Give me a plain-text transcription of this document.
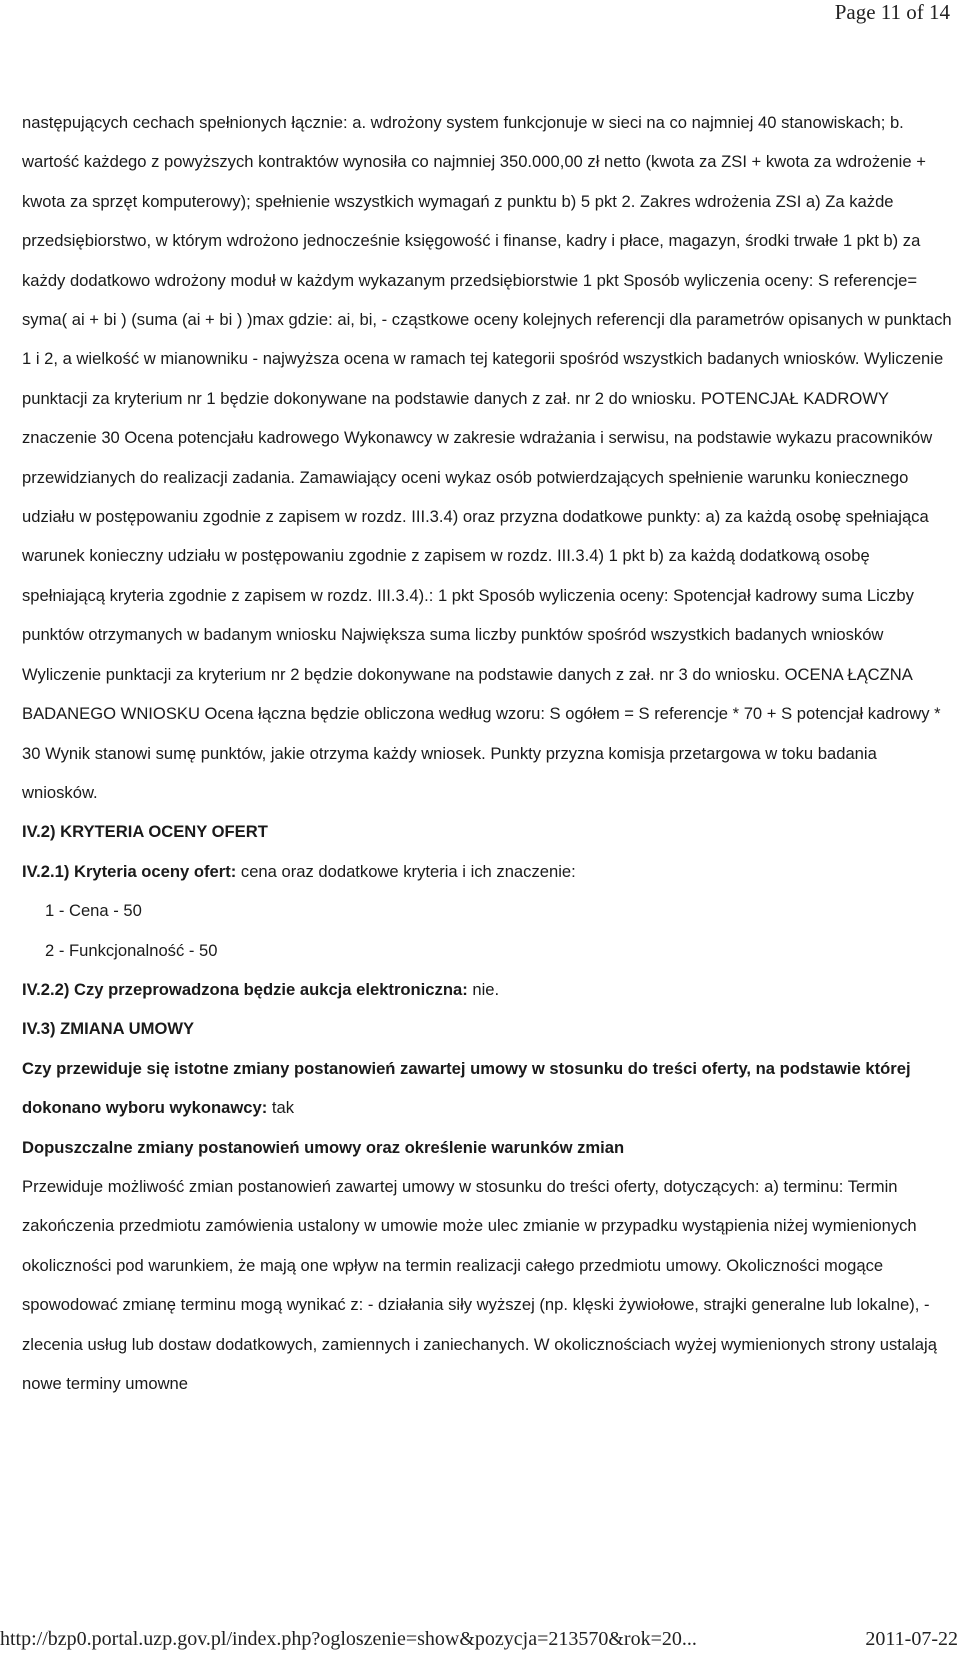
Page 11 of 14

następujących cechach spełnionych łącznie: a. wdrożony system funkcjonuje w sieci na co najmniej 40 stanowiskach; b. wartość każdego z powyższych kontraktów wynosiła co najmniej 350.000,00 zł netto (kwota za ZSI + kwota za wdrożenie + kwota za sprzęt komputerowy); spełnienie wszystkich wymagań z punktu b) 5 pkt 2. Zakres wdrożenia ZSI a) Za każde przedsiębiorstwo, w którym wdrożono jednocześnie księgowość i finanse, kadry i płace, magazyn, środki trwałe 1 pkt b) za każdy dodatkowo wdrożony moduł w każdym wykazanym przedsiębiorstwie 1 pkt Sposób wyliczenia oceny: S referencje= syma( ai + bi ) (suma (ai + bi ) )max gdzie: ai, bi, - cząstkowe oceny kolejnych referencji dla parametrów opisanych w punktach 1 i 2, a wielkość w mianowniku - najwyższa ocena w ramach tej kategorii spośród wszystkich badanych wniosków. Wyliczenie punktacji za kryterium nr 1 będzie dokonywane na podstawie danych z zał. nr 2 do wniosku. POTENCJAŁ KADROWY znaczenie 30 Ocena potencjału kadrowego Wykonawcy w zakresie wdrażania i serwisu, na podstawie wykazu pracowników przewidzianych do realizacji zadania. Zamawiający oceni wykaz osób potwierdzających spełnienie warunku koniecznego udziału w postępowaniu zgodnie z zapisem w rozdz. III.3.4) oraz przyzna dodatkowe punkty: a) za każdą osobę spełniająca warunek konieczny udziału w postępowaniu zgodnie z zapisem w rozdz. III.3.4) 1 pkt b) za każdą dodatkową osobę spełniającą kryteria zgodnie z zapisem w rozdz. III.3.4).: 1 pkt Sposób wyliczenia oceny: Spotencjał kadrowy suma Liczby punktów otrzymanych w badanym wniosku Największa suma liczby punktów spośród wszystkich badanych wniosków Wyliczenie punktacji za kryterium nr 2 będzie dokonywane na podstawie danych z zał. nr 3 do wniosku. OCENA ŁĄCZNA BADANEGO WNIOSKU Ocena łączna będzie obliczona według wzoru: S ogółem = S referencje * 70 + S potencjał kadrowy * 30 Wynik stanowi sumę punktów, jakie otrzyma każdy wniosek. Punkty przyzna komisja przetargowa w toku badania wniosków.

IV.2) KRYTERIA OCENY OFERT

IV.2.1) Kryteria oceny ofert: cena oraz dodatkowe kryteria i ich znaczenie:

1 - Cena - 50

2 - Funkcjonalność - 50

IV.2.2) Czy przeprowadzona będzie aukcja elektroniczna: nie.

IV.3) ZMIANA UMOWY

Czy przewiduje się istotne zmiany postanowień zawartej umowy w stosunku do treści oferty, na podstawie której dokonano wyboru wykonawcy: tak

Dopuszczalne zmiany postanowień umowy oraz określenie warunków zmian

Przewiduje możliwość zmian postanowień zawartej umowy w stosunku do treści oferty, dotyczących: a) terminu: Termin zakończenia przedmiotu zamówienia ustalony w umowie może ulec zmianie w przypadku wystąpienia niżej wymienionych okoliczności pod warunkiem, że mają one wpływ na termin realizacji całego przedmiotu umowy. Okoliczności mogące spowodować zmianę terminu mogą wynikać z: - działania siły wyższej (np. klęski żywiołowe, strajki generalne lub lokalne), - zlecenia usług lub dostaw dodatkowych, zamiennych i zaniechanych. W okolicznościach wyżej wymienionych strony ustalają nowe terminy umowne

http://bzp0.portal.uzp.gov.pl/index.php?ogloszenie=show&pozycja=213570&rok=20...	2011-07-22
